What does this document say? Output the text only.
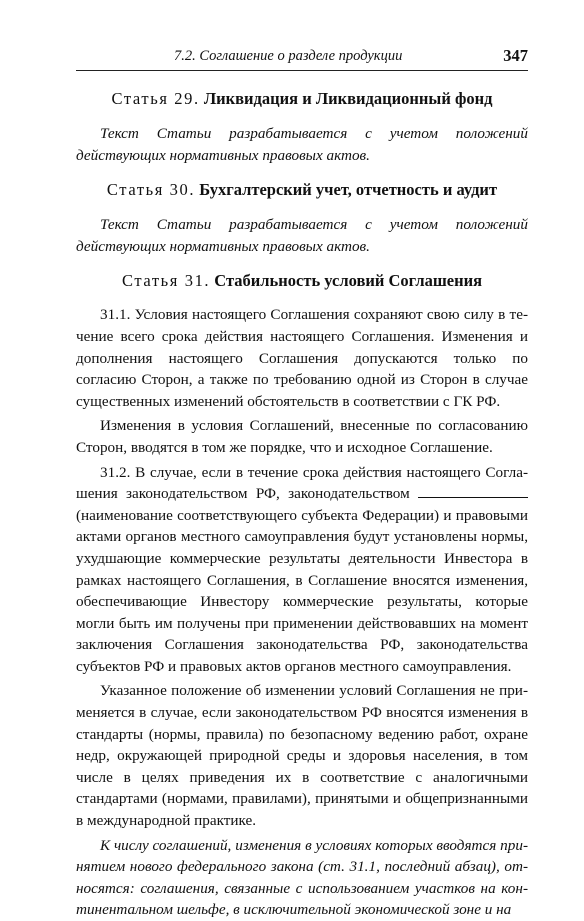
7.2. Соглашение о разделе продукции	347
Статья 29. Ликвидация и Ликвидационный фонд

Текст Статьи разрабатывается с учетом положений действующих нормативных правовых актов.

Статья 30. Бухгалтерский учет, отчетность и аудит

Текст Статьи разрабатывается с учетом положений действующих нормативных правовых актов.

Статья 31. Стабильность условий Соглашения

31.1. Условия настоящего Соглашения сохраняют свою силу в течение всего срока действия настоящего Соглашения. Изменения и дополнения настоящего Соглашения допускаются только по согласию Сторон, а также по требованию одной из Сторон в случае существенных изменений обстоятельств в соответствии с ГК РФ.

Изменения в условия Соглашений, внесенные по согласованию Сторон, вводятся в том же порядке, что и исходное Соглашение.

31.2. В случае, если в течение срока действия настоящего Соглашения законодательством РФ, законодательством  (наименование соответствующего субъекта Федерации) и правовыми актами органов местного самоуправления будут установлены нормы, ухудшающие коммерческие результаты деятельности Инвестора в рамках настоящего Соглашения, в Соглашение вносятся изменения, обеспечивающие Инвестору коммерческие результаты, которые могли быть им получены при применении действовавших на момент заключения Соглашения законодательства РФ, законодательства субъектов РФ и правовых актов органов местного самоуправления.

Указанное положение об изменении условий Соглашения не применяется в случае, если законодательством РФ вносятся изменения в стандарты (нормы, правила) по безопасному ведению работ, охране недр, окружающей природной среды и здоровья населения, в том числе в целях приведения их в соответствие с аналогичными стандартами (нормами, правилами), принятыми и общепризнанными в международной практике.

К числу соглашений, изменения в условиях которых вводятся принятием нового федерального закона (ст. 31.1, последний абзац), относятся: соглашения, связанные с использованием участков на континентальном шельфе, в исключительной экономической зоне и на
